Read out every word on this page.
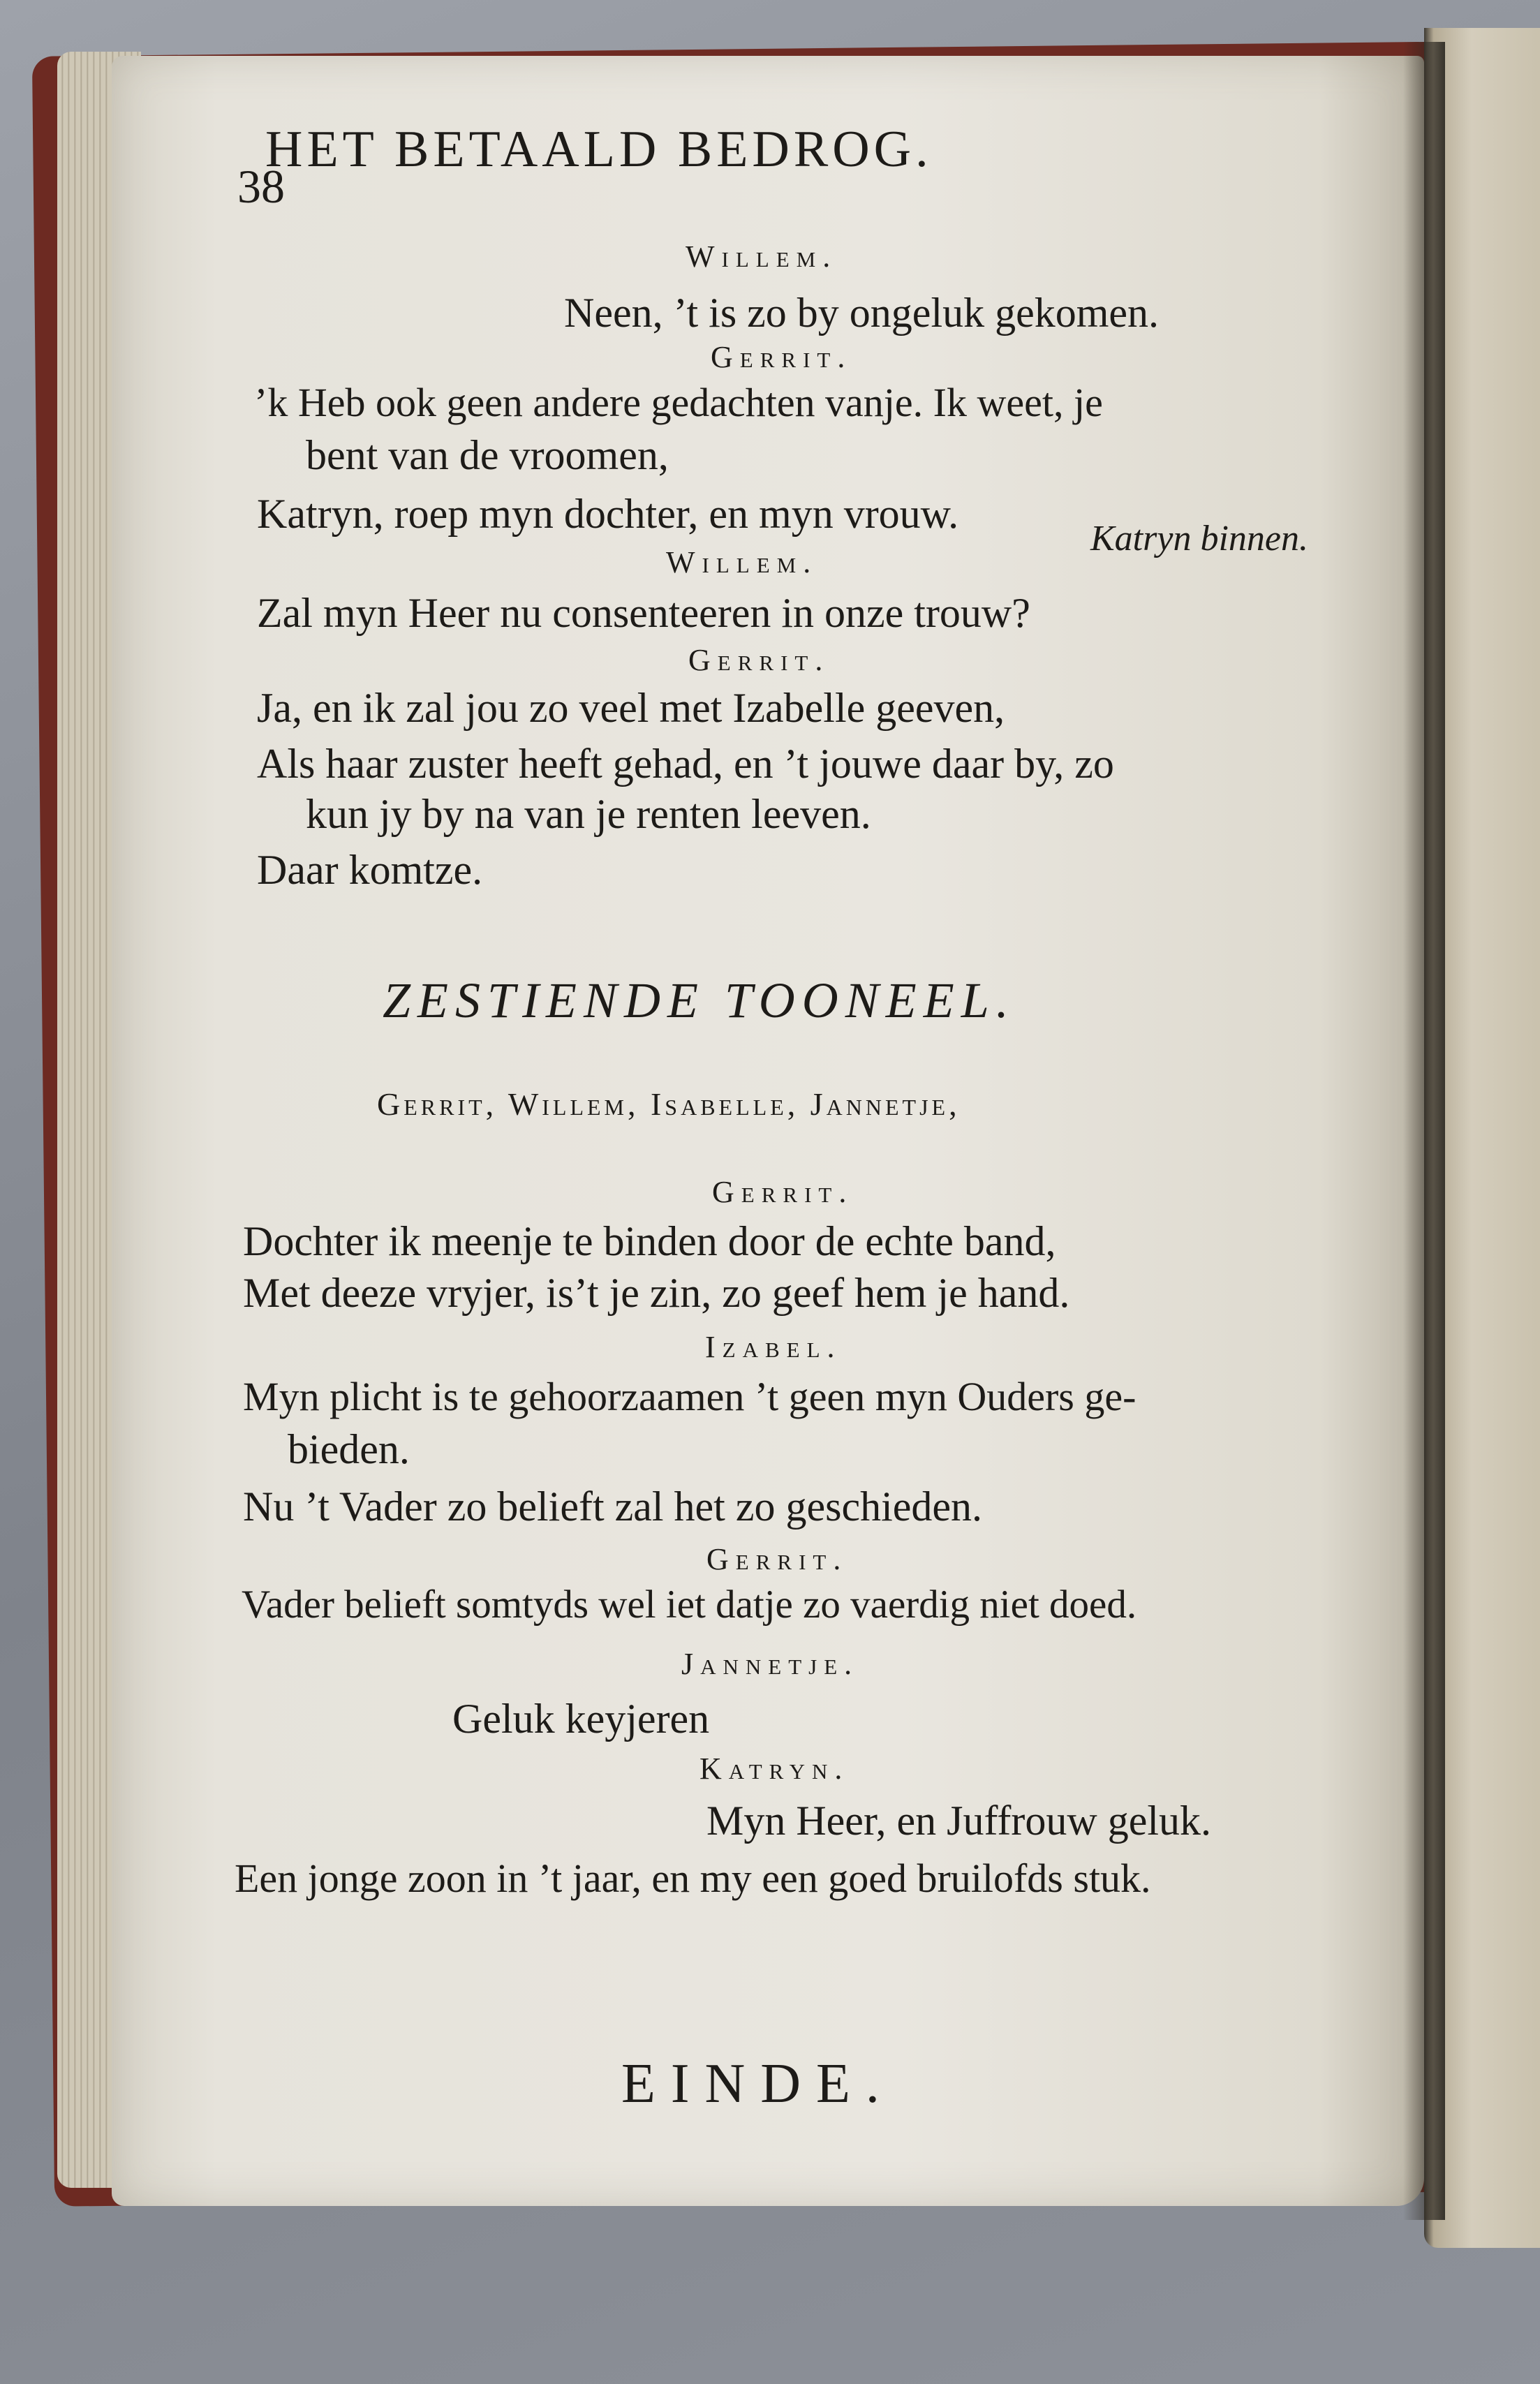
38
HET BETAALD BEDROG.
Willem.
Neen, ’t is zo by ongeluk gekomen.
Gerrit.
’k Heb ook geen andere gedachten vanje. Ik weet, je
bent van de vroomen,
Katryn, roep myn dochter, en myn vrouw.
Willem.
Katryn binnen.
Zal myn Heer nu consenteeren in onze trouw?
Gerrit.
Ja, en ik zal jou zo veel met Izabelle geeven,
Als haar zuster heeft gehad, en ’t jouwe daar by, zo
kun jy by na van je renten leeven.
Daar komtze.
ZESTIENDE TOONEEL.
Gerrit, Willem, Isabelle, Jannetje,
Gerrit.
Dochter ik meenje te binden door de echte band,
Met deeze vryjer, is’t je zin, zo geef hem je hand.
Izabel.
Myn plicht is te gehoorzaamen ’t geen myn Ouders ge-
bieden.
Nu ’t Vader zo belieft zal het zo geschieden.
Gerrit.
Vader belieft somtyds wel iet datje zo vaerdig niet doed.
Jannetje.
Geluk keyjeren
Katryn.
Myn Heer, en Juffrouw geluk.
Een jonge zoon in ’t jaar, en my een goed bruilofds stuk.
EINDE.
